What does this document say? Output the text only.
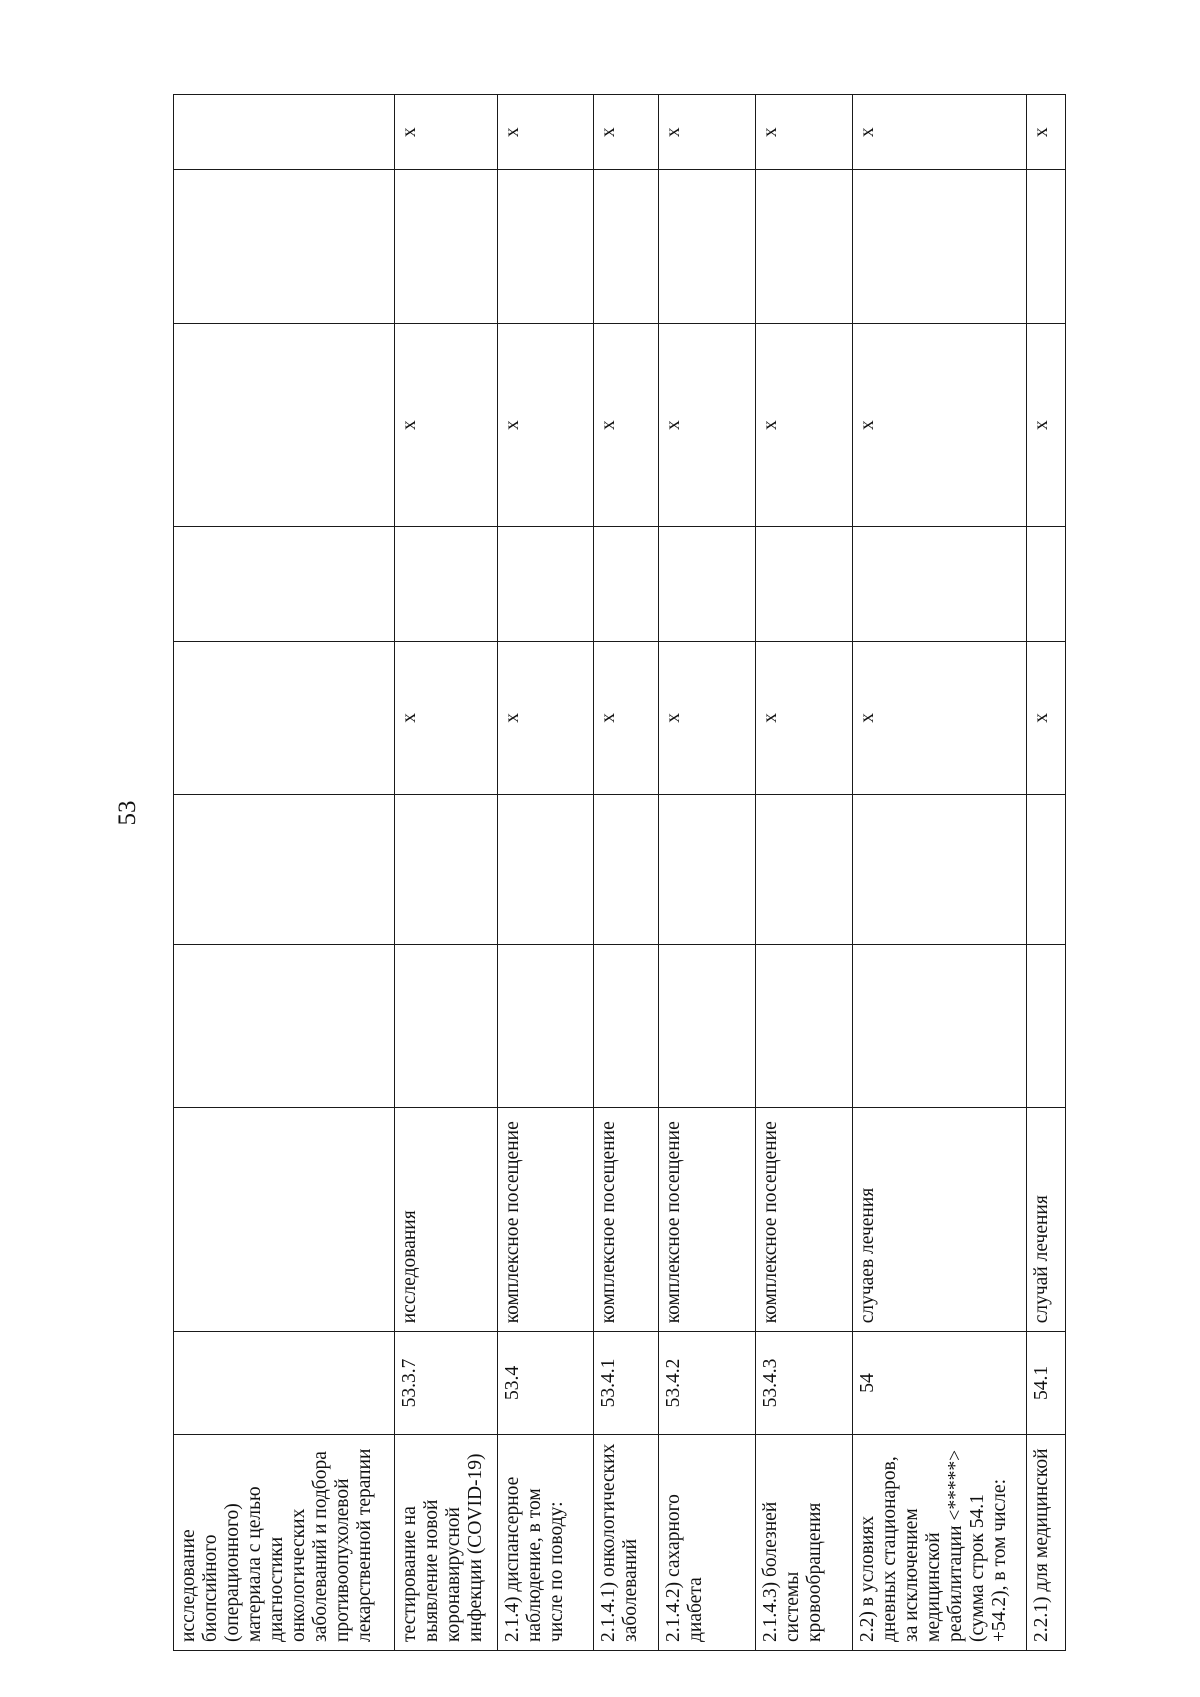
53
исследование биопсийного (операционного) материала с целью диагностики онкологических заболеваний и подбора противоопухолевой лекарственной терапии									
тестирование на выявление новой коронавирусной инфекции (COVID-19)	53.3.7	исследования			х		х		х
2.1.4) диспансерное наблюдение, в том числе по поводу:	53.4	комплексное посещение			х		х		х
2.1.4.1) онкологических заболеваний	53.4.1	комплексное посещение			х		х		х
2.1.4.2) сахарного диабета	53.4.2	комплексное посещение			х		х		х
2.1.4.3) болезней системы кровообращения	53.4.3	комплексное посещение			х		х		х
2.2) в условиях дневных стационаров, за исключением медицинской реабилитации <*****> (сумма строк 54.1 +54.2), в том числе:	54	случаев лечения			х		х		х
2.2.1) для медицинской	54.1	случай лечения			х		х		х
